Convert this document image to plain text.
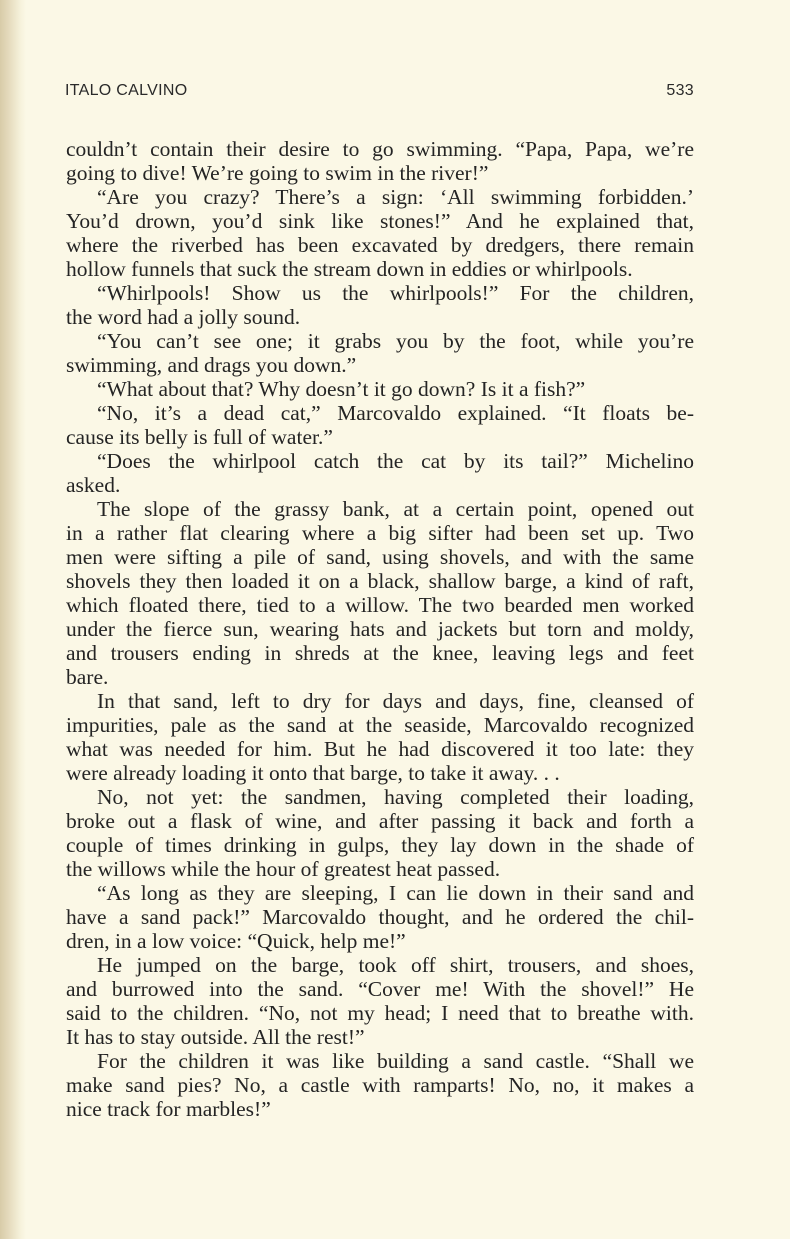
ITALO CALVINO	533
couldn’t contain their desire to go swimming. “Papa, Papa, we’re
going to dive! We’re going to swim in the river!”
“Are you crazy? There’s a sign: ‘All swimming forbidden.’
You’d drown, you’d sink like stones!” And he explained that,
where the riverbed has been excavated by dredgers, there remain
hollow funnels that suck the stream down in eddies or whirlpools.
“Whirlpools! Show us the whirlpools!” For the children,
the word had a jolly sound.
“You can’t see one; it grabs you by the foot, while you’re
swimming, and drags you down.”
“What about that? Why doesn’t it go down? Is it a fish?”
“No, it’s a dead cat,” Marcovaldo explained. “It floats be-
cause its belly is full of water.”
“Does the whirlpool catch the cat by its tail?” Michelino
asked.
The slope of the grassy bank, at a certain point, opened out
in a rather flat clearing where a big sifter had been set up. Two
men were sifting a pile of sand, using shovels, and with the same
shovels they then loaded it on a black, shallow barge, a kind of raft,
which floated there, tied to a willow. The two bearded men worked
under the fierce sun, wearing hats and jackets but torn and moldy,
and trousers ending in shreds at the knee, leaving legs and feet
bare.
In that sand, left to dry for days and days, fine, cleansed of
impurities, pale as the sand at the seaside, Marcovaldo recognized
what was needed for him. But he had discovered it too late: they
were already loading it onto that barge, to take it away. . .
No, not yet: the sandmen, having completed their loading,
broke out a flask of wine, and after passing it back and forth a
couple of times drinking in gulps, they lay down in the shade of
the willows while the hour of greatest heat passed.
“As long as they are sleeping, I can lie down in their sand and
have a sand pack!” Marcovaldo thought, and he ordered the chil-
dren, in a low voice: “Quick, help me!”
He jumped on the barge, took off shirt, trousers, and shoes,
and burrowed into the sand. “Cover me! With the shovel!” He
said to the children. “No, not my head; I need that to breathe with.
It has to stay outside. All the rest!”
For the children it was like building a sand castle. “Shall we
make sand pies? No, a castle with ramparts! No, no, it makes a
nice track for marbles!”
